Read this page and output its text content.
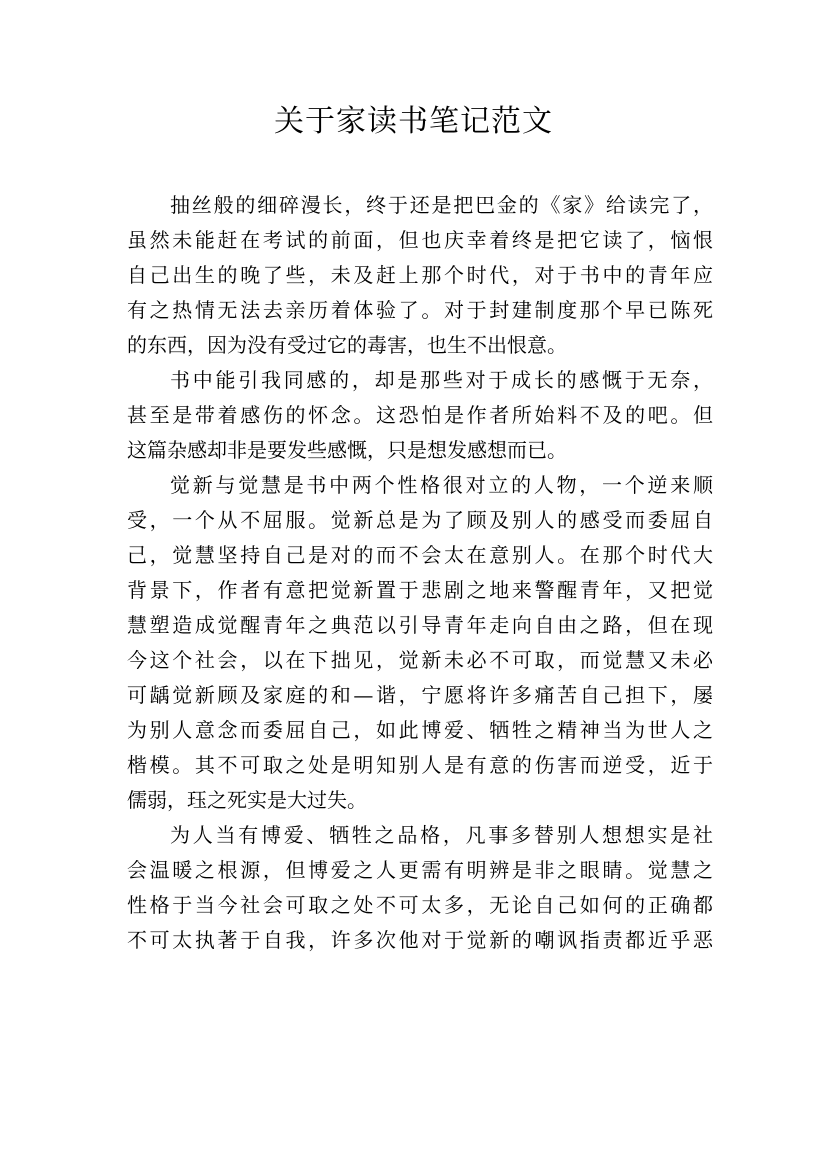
关于家读书笔记范文
抽丝般的细碎漫长，终于还是把巴金的《家》给读完了，
虽然未能赶在考试的前面，但也庆幸着终是把它读了，恼恨
自己出生的晚了些，未及赶上那个时代，对于书中的青年应
有之热情无法去亲历着体验了。对于封建制度那个早已陈死
的东西，因为没有受过它的毒害，也生不出恨意。
书中能引我同感的，却是那些对于成长的感慨于无奈，
甚至是带着感伤的怀念。这恐怕是作者所始料不及的吧。但
这篇杂感却非是要发些感慨，只是想发感想而已。
觉新与觉慧是书中两个性格很对立的人物，一个逆来顺
受，一个从不屈服。觉新总是为了顾及别人的感受而委屈自
己，觉慧坚持自己是对的而不会太在意别人。在那个时代大
背景下，作者有意把觉新置于悲剧之地来警醒青年，又把觉
慧塑造成觉醒青年之典范以引导青年走向自由之路，但在现
今这个社会，以在下拙见，觉新未必不可取，而觉慧又未必
可龋觉新顾及家庭的和—谐，宁愿将许多痛苦自己担下，屡
为别人意念而委屈自己，如此博爱、牺牲之精神当为世人之
楷模。其不可取之处是明知别人是有意的伤害而逆受，近于
儒弱，珏之死实是大过失。
为人当有博爱、牺牲之品格，凡事多替别人想想实是社
会温暖之根源，但博爱之人更需有明辨是非之眼睛。觉慧之
性格于当今社会可取之处不可太多，无论自己如何的正确都
不可太执著于自我，许多次他对于觉新的嘲讽指责都近乎恶
